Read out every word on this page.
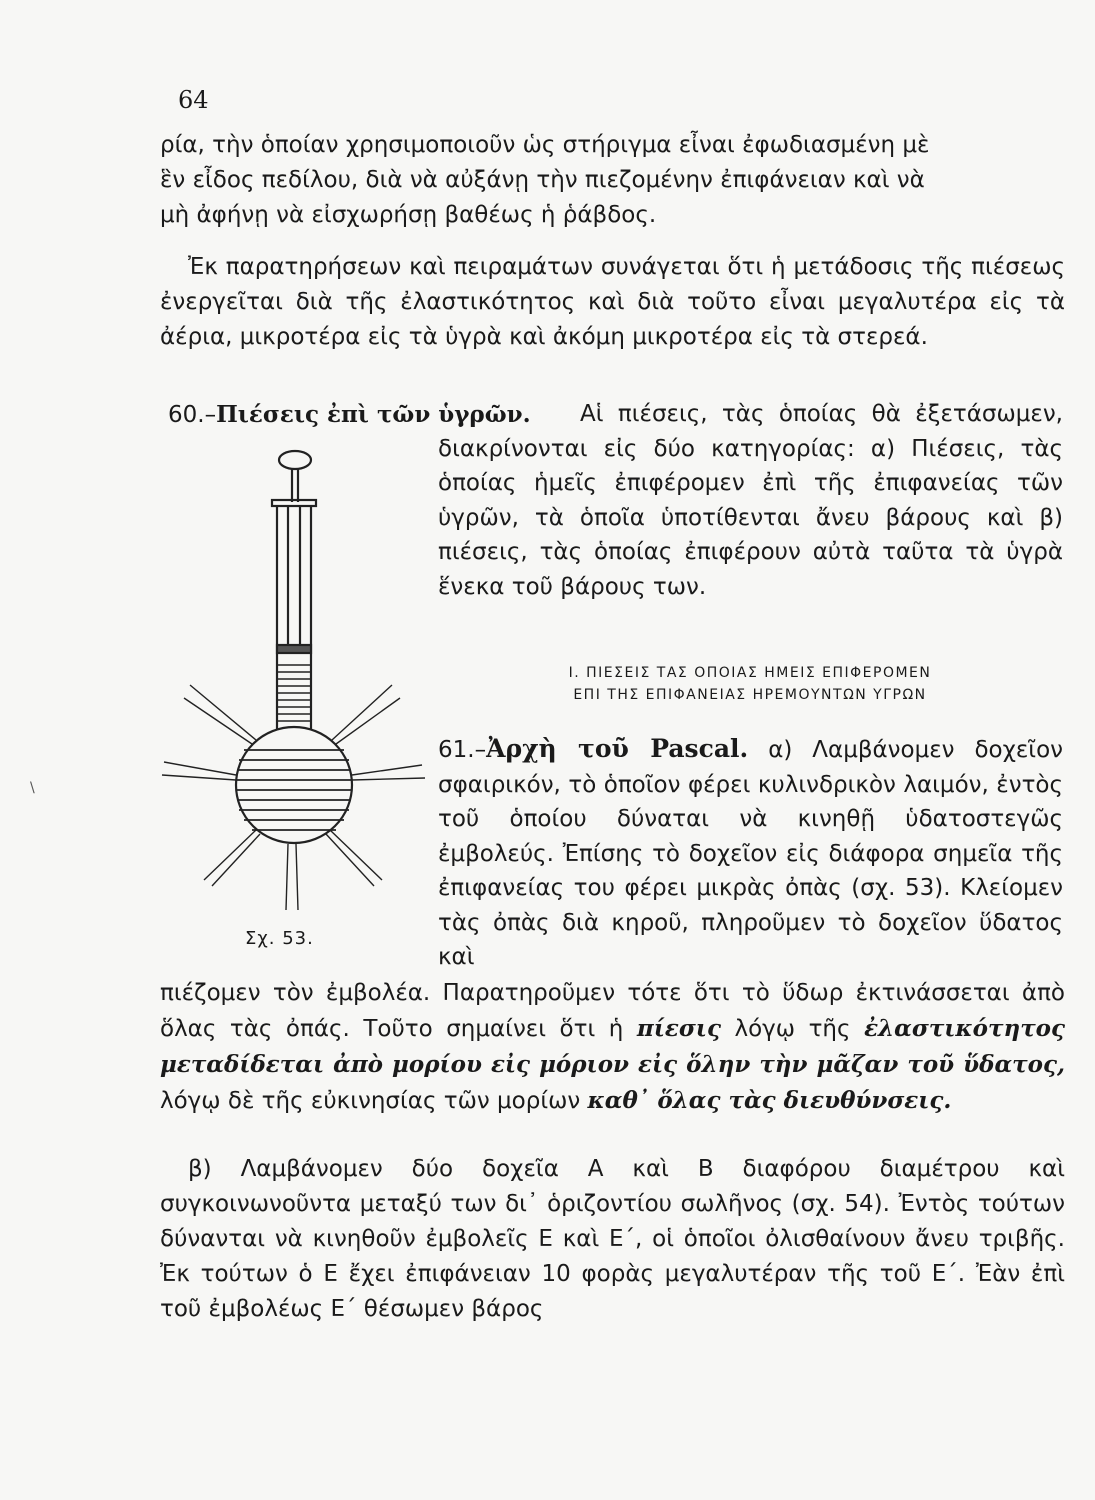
64

ρία, τὴν ὁποίαν χρησιμοποιοῦν ὡς στήριγμα εἶναι ἐφωδιασμένη μὲ

ἓν εἶδος πεδίλου, διὰ νὰ αὐξάνῃ τὴν πιεζομένην ἐπιφάνειαν καὶ νὰ

μὴ ἀφήνῃ νὰ εἰσχωρήσῃ βαθέως ἡ ῥάβδος.

Ἐκ παρατηρήσεων καὶ πειραμάτων συνάγεται ὅτι ἡ μετάδοσις τῆς πιέσεως ἐνεργεῖται διὰ τῆς ἐλαστικότητος καὶ διὰ τοῦτο εἶναι μεγαλυτέρα εἰς τὰ ἀέρια, μικροτέρα εἰς τὰ ὑγρὰ καὶ ἀκόμη μικροτέρα εἰς τὰ στερεά.

60.–Πιέσεις ἐπὶ τῶν ὑγρῶν.	Αἱ πιέσεις, τὰς ὁποίας θὰ ἐξετάσωμεν, διακρίνονται εἰς δύο κατηγορίας: α) Πιέσεις, τὰς ὁποίας ἡμεῖς ἐπιφέρομεν ἐπὶ τῆς ἐπιφανείας τῶν ὑγρῶν, τὰ ὁποῖα ὑποτίθενται ἄνευ βάρους καὶ β) πιέσεις, τὰς ὁποίας ἐπιφέρουν αὐτὰ ταῦτα τὰ ὑγρὰ ἕνεκα τοῦ βάρους των.

Ι. ΠΙΕΣΕΙΣ ΤΑΣ ΟΠΟΙΑΣ ΗΜΕΙΣ ΕΠΙΦΕΡΟΜΕΝ
ΕΠΙ ΤΗΣ ΕΠΙΦΑΝΕΙΑΣ ΗΡΕΜΟΥΝΤΩΝ ΥΓΡΩΝ

61.–Ἀρχὴ τοῦ Pascal. α) Λαμβάνομεν δοχεῖον σφαιρικόν, τὸ ὁποῖον φέρει κυλινδρικὸν λαιμόν, ἐντὸς τοῦ ὁποίου δύναται νὰ κινηθῇ ὑδατοστεγῶς ἐμβολεύς. Ἐπίσης τὸ δοχεῖον εἰς διάφορα σημεῖα τῆς ἐπιφανείας του φέρει μικρὰς ὀπὰς (σχ. 53). Κλείομεν τὰς ὀπὰς διὰ κηροῦ, πληροῦμεν τὸ δοχεῖον ὕδατος καὶ

πιέζομεν τὸν ἐμβολέα. Παρατηροῦμεν τότε ὅτι τὸ ὕδωρ ἐκτινάσσεται ἀπὸ ὅλας τὰς ὀπάς. Τοῦτο σημαίνει ὅτι ἡ πίεσις λόγῳ τῆς ἐλαστικότητος μεταδίδεται ἀπὸ μορίου εἰς μόριον εἰς ὅλην τὴν μᾶζαν τοῦ ὕδατος, λόγῳ δὲ τῆς εὐκινησίας τῶν μορίων καθ᾽ ὅλας τὰς διευθύνσεις.

β) Λαμβάνομεν δύο δοχεῖα Α καὶ Β διαφόρου διαμέτρου καὶ συγκοινωνοῦντα μεταξύ των δι᾽ ὁριζοντίου σωλῆνος (σχ. 54). Ἐντὸς τούτων δύνανται νὰ κινηθοῦν ἐμβολεῖς Ε καὶ Ε΄, οἱ ὁποῖοι ὀλισθαίνουν ἄνευ τριβῆς. Ἐκ τούτων ὁ Ε ἔχει ἐπιφάνειαν 10 φορὰς μεγαλυτέραν τῆς τοῦ Ε΄. Ἐὰν ἐπὶ τοῦ ἐμβολέως Ε΄ θέσωμεν βάρος

Σχ. 53.
\
